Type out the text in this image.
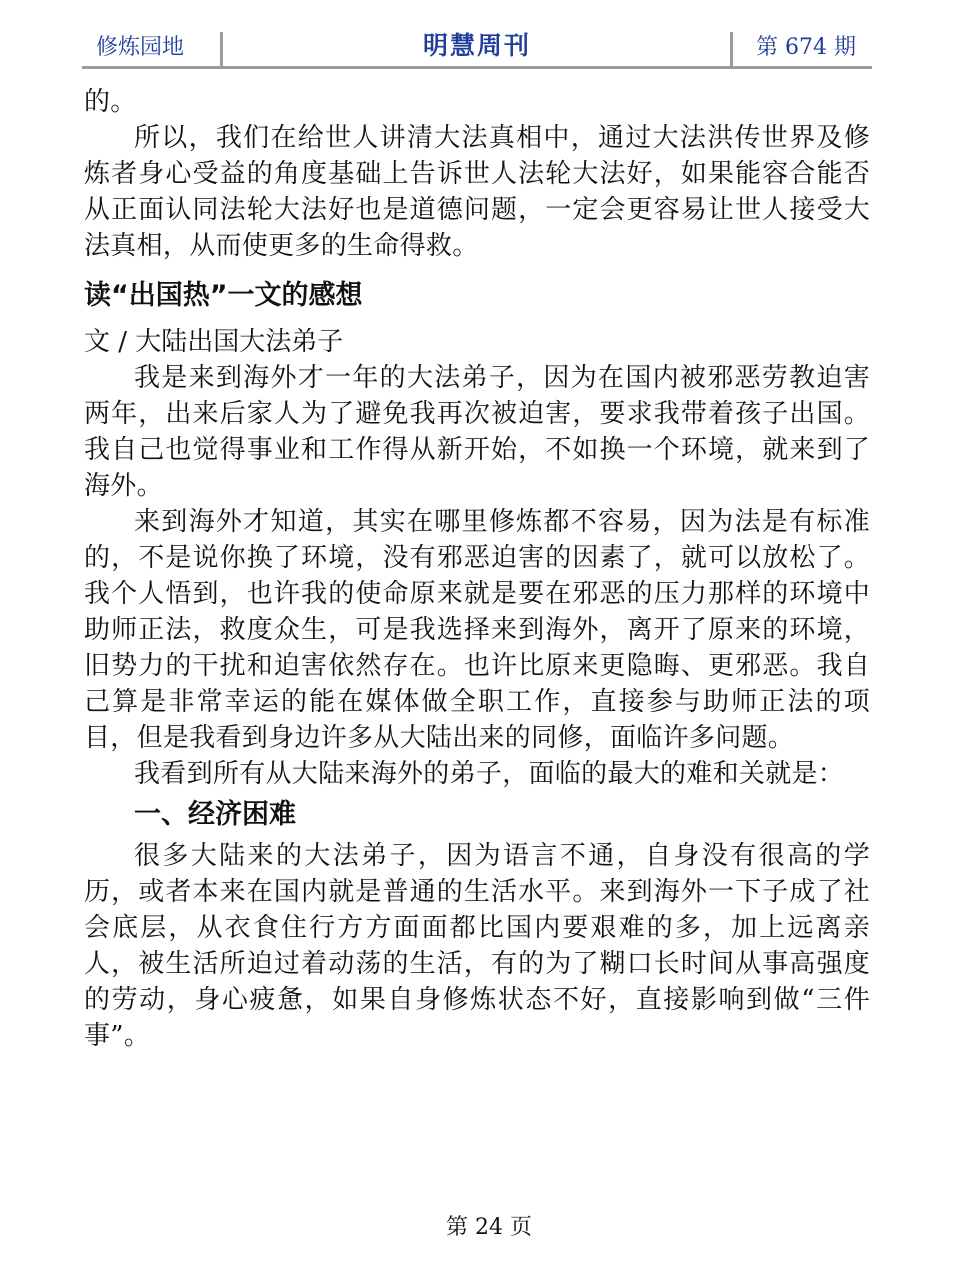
修炼园地	明慧周刊	第 674 期

的。

所以，我们在给世人讲清大法真相中，通过大法洪传世界及修炼者身心受益的角度基础上告诉世人法轮大法好，如果能容合能否从正面认同法轮大法好也是道德问题，一定会更容易让世人接受大法真相，从而使更多的生命得救。

读“出国热”一文的感想

文 / 大陆出国大法弟子

我是来到海外才一年的大法弟子，因为在国内被邪恶劳教迫害两年，出来后家人为了避免我再次被迫害，要求我带着孩子出国。我自己也觉得事业和工作得从新开始，不如换一个环境，就来到了海外。

来到海外才知道，其实在哪里修炼都不容易，因为法是有标准的，不是说你换了环境，没有邪恶迫害的因素了，就可以放松了。我个人悟到，也许我的使命原来就是要在邪恶的压力那样的环境中助师正法，救度众生，可是我选择来到海外，离开了原来的环境，旧势力的干扰和迫害依然存在。也许比原来更隐晦、更邪恶。我自己算是非常幸运的能在媒体做全职工作，直接参与助师正法的项目，但是我看到身边许多从大陆出来的同修，面临许多问题。

我看到所有从大陆来海外的弟子，面临的最大的难和关就是：

一、经济困难

很多大陆来的大法弟子，因为语言不通，自身没有很高的学历，或者本来在国内就是普通的生活水平。来到海外一下子成了社会底层，从衣食住行方方面面都比国内要艰难的多，加上远离亲人，被生活所迫过着动荡的生活，有的为了糊口长时间从事高强度的劳动，身心疲惫，如果自身修炼状态不好，直接影响到做“三件事”。

第 24 页
